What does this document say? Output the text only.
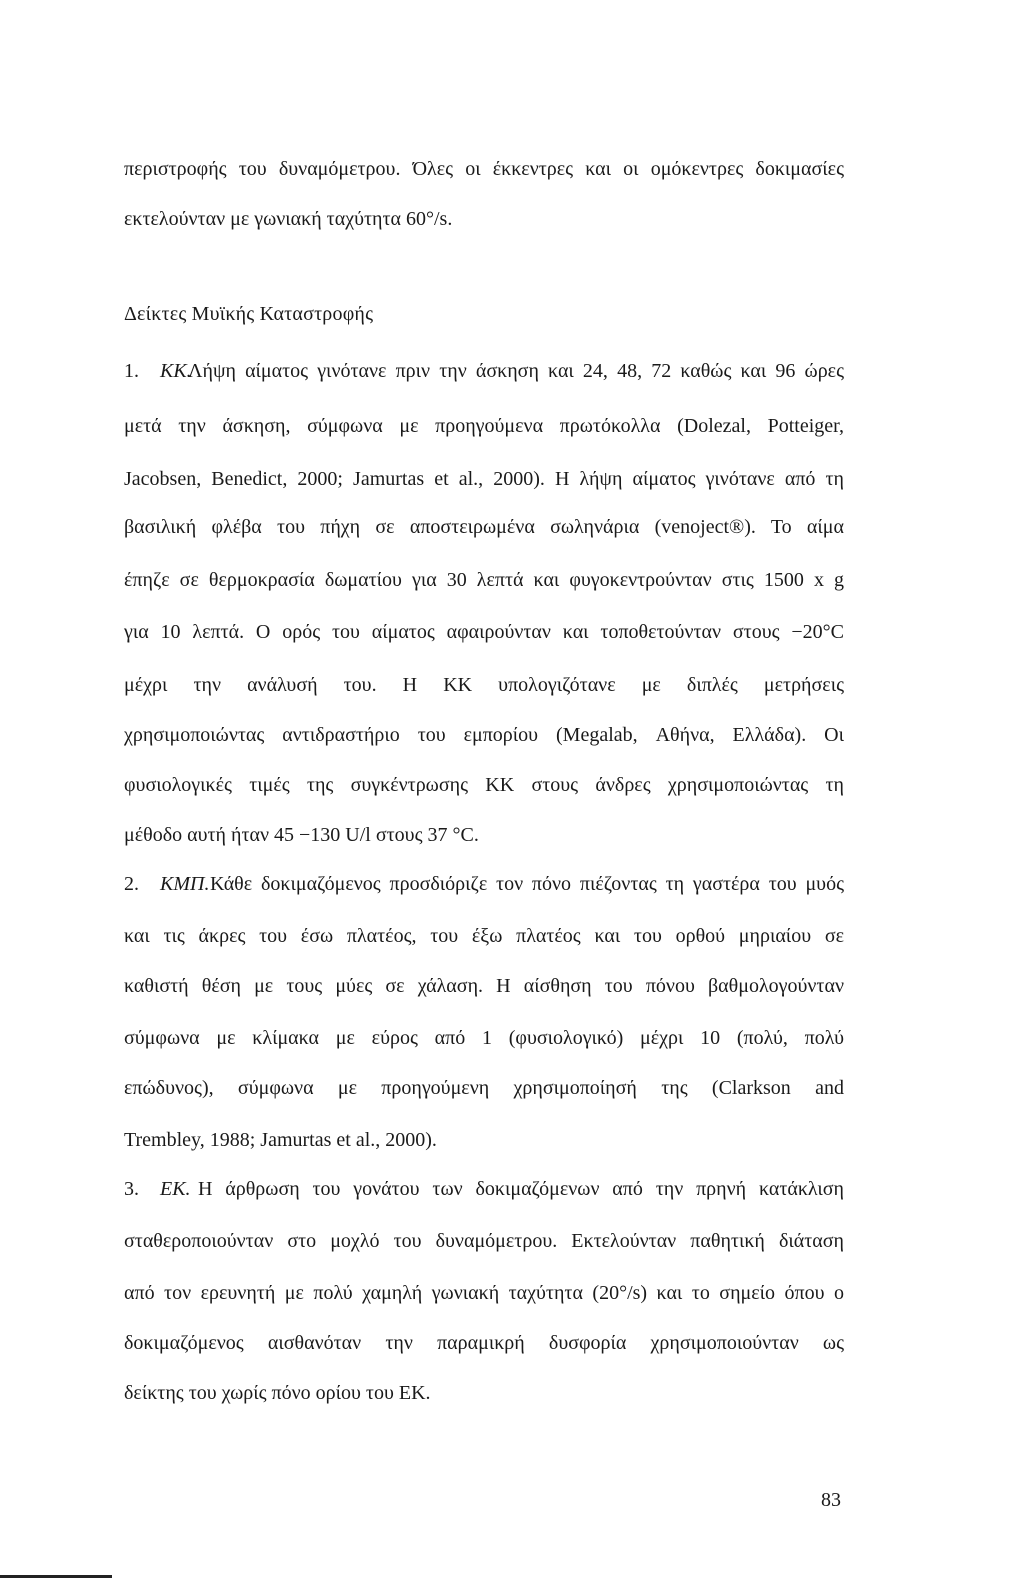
περιστροφής του δυναμόμετρου. Όλες οι έκκεντρες και οι ομόκεντρες δοκιμασίες
εκτελούνταν με γωνιακή ταχύτητα 60°/s.
Δείκτες Μυϊκής Καταστροφής
1. ΚΚ.
Λήψη αίματος γινότανε πριν την άσκηση και 24, 48, 72 καθώς και 96 ώρες
μετά την άσκηση, σύμφωνα με προηγούμενα πρωτόκολλα (Dolezal, Potteiger,
Jacobsen, Benedict, 2000; Jamurtas et al., 2000). Η λήψη αίματος γινότανε από τη
βασιλική φλέβα του πήχη σε αποστειρωμένα σωληνάρια (venoject®). Το αίμα
έπηζε σε θερμοκρασία δωματίου για 30 λεπτά και φυγοκεντρούνταν στις 1500 x g
για 10 λεπτά. Ο ορός του αίματος αφαιρούνταν και τοποθετούνταν στους −20°C
μέχρι την ανάλυσή του. Η ΚΚ υπολογιζότανε με διπλές μετρήσεις
χρησιμοποιώντας αντιδραστήριο του εμπορίου (Megalab, Αθήνα, Ελλάδα). Οι
φυσιολογικές τιμές της συγκέντρωσης ΚΚ στους άνδρες χρησιμοποιώντας τη
μέθοδο αυτή ήταν 45 −130 U/l στους 37 °C.
2. ΚΜΠ. Κάθε δοκιμαζόμενος προσδιόριζε τον πόνο πιέζοντας τη γαστέρα του μυός
και τις άκρες του έσω πλατέος, του έξω πλατέος και του ορθού μηριαίου σε
καθιστή θέση με τους μύες σε χάλαση. Η αίσθηση του πόνου βαθμολογούνταν
σύμφωνα με κλίμακα με εύρος από 1 (φυσιολογικό) μέχρι 10 (πολύ, πολύ
επώδυνος), σύμφωνα με προηγούμενη χρησιμοποίησή της (Clarkson and
Trembley, 1988; Jamurtas et al., 2000).
3. ΕΚ. Η άρθρωση του γονάτου των δοκιμαζόμενων από την πρηνή κατάκλιση
σταθεροποιούνταν στο μοχλό του δυναμόμετρου. Εκτελούνταν παθητική διάταση
από τον ερευνητή με πολύ χαμηλή γωνιακή ταχύτητα (20°/s) και το σημείο όπου ο
δοκιμαζόμενος αισθανόταν την παραμικρή δυσφορία χρησιμοποιούνταν ως
δείκτης του χωρίς πόνο ορίου του ΕΚ.
83
